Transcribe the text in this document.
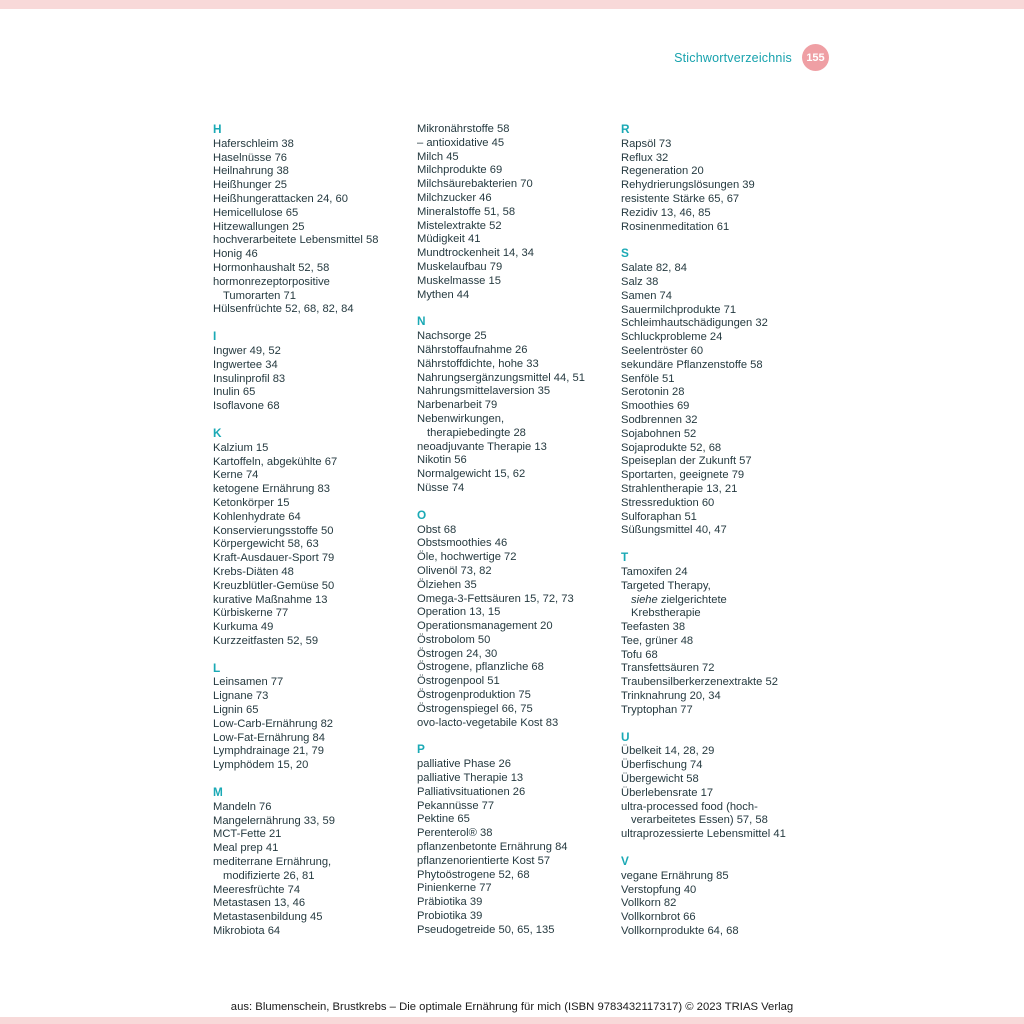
Stichwortverzeichnis	155
H
Haferschleim 38
Haselnüsse 76
Heilnahrung 38
Heißhunger 25
Heißhungerattacken 24, 60
Hemicellulose 65
Hitzewallungen 25
hochverarbeitete Lebensmittel 58
Honig 46
Hormonhaushalt 52, 58
hormonrezeptorpositive
Tumorarten 71
Hülsenfrüchte 52, 68, 82, 84
I
Ingwer 49, 52
Ingwertee 34
Insulinprofil 83
Inulin 65
Isoflavone 68
K
Kalzium 15
Kartoffeln, abgekühlte 67
Kerne 74
ketogene Ernährung 83
Ketonkörper 15
Kohlenhydrate 64
Konservierungsstoffe 50
Körpergewicht 58, 63
Kraft-Ausdauer-Sport 79
Krebs-Diäten 48
Kreuzblütler-Gemüse 50
kurative Maßnahme 13
Kürbiskerne 77
Kurkuma 49
Kurzzeitfasten 52, 59
L
Leinsamen 77
Lignane 73
Lignin 65
Low-Carb-Ernährung 82
Low-Fat-Ernährung 84
Lymphdrainage 21, 79
Lymphödem 15, 20
M
Mandeln 76
Mangelernährung 33, 59
MCT-Fette 21
Meal prep 41
mediterrane Ernährung,
modifizierte 26, 81
Meeresfrüchte 74
Metastasen 13, 46
Metastasenbildung 45
Mikrobiota 64
Mikronährstoffe 58
– antioxidative 45
Milch 45
Milchprodukte 69
Milchsäurebakterien 70
Milchzucker 46
Mineralstoffe 51, 58
Mistelextrakte 52
Müdigkeit 41
Mundtrockenheit 14, 34
Muskelaufbau 79
Muskelmasse 15
Mythen 44
N
Nachsorge 25
Nährstoffaufnahme 26
Nährstoffdichte, hohe 33
Nahrungsergänzungsmittel 44, 51
Nahrungsmittelaversion 35
Narbenarbeit 79
Nebenwirkungen,
therapiebedingte 28
neoadjuvante Therapie 13
Nikotin 56
Normalgewicht 15, 62
Nüsse 74
O
Obst 68
Obstsmoothies 46
Öle, hochwertige 72
Olivenöl 73, 82
Ölziehen 35
Omega-3-Fettsäuren 15, 72, 73
Operation 13, 15
Operationsmanagement 20
Östrobolom 50
Östrogen 24, 30
Östrogene, pflanzliche 68
Östrogenpool 51
Östrogenproduktion 75
Östrogenspiegel 66, 75
ovo-lacto-vegetabile Kost 83
P
palliative Phase 26
palliative Therapie 13
Palliativsituationen 26
Pekannüsse 77
Pektine 65
Perenterol® 38
pflanzenbetonte Ernährung 84
pflanzenorientierte Kost 57
Phytoöstrogene 52, 68
Pinienkerne 77
Präbiotika 39
Probiotika 39
Pseudogetreide 50, 65, 135
R
Rapsöl 73
Reflux 32
Regeneration 20
Rehydrierungslösungen 39
resistente Stärke 65, 67
Rezidiv 13, 46, 85
Rosinenmeditation 61
S
Salate 82, 84
Salz 38
Samen 74
Sauermilchprodukte 71
Schleimhautschädigungen 32
Schluckprobleme 24
Seelentröster 60
sekundäre Pflanzenstoffe 58
Senföle 51
Serotonin 28
Smoothies 69
Sodbrennen 32
Sojabohnen 52
Sojaprodukte 52, 68
Speiseplan der Zukunft 57
Sportarten, geeignete 79
Strahlentherapie 13, 21
Stressreduktion 60
Sulforaphan 51
Süßungsmittel 40, 47
T
Tamoxifen 24
Targeted Therapy,
siehe zielgerichtete
Krebstherapie
Teefasten 38
Tee, grüner 48
Tofu 68
Transfettsäuren 72
Traubensilberkerzenextrakte 52
Trinknahrung 20, 34
Tryptophan 77
U
Übelkeit 14, 28, 29
Überfischung 74
Übergewicht 58
Überlebensrate 17
ultra-processed food (hoch-
verarbeitetes Essen) 57, 58
ultraprozessierte Lebensmittel 41
V
vegane Ernährung 85
Verstopfung 40
Vollkorn 82
Vollkornbrot 66
Vollkornprodukte 64, 68
aus: Blumenschein, Brustkrebs – Die optimale Ernährung für mich (ISBN 9783432117317) © 2023 TRIAS Verlag
